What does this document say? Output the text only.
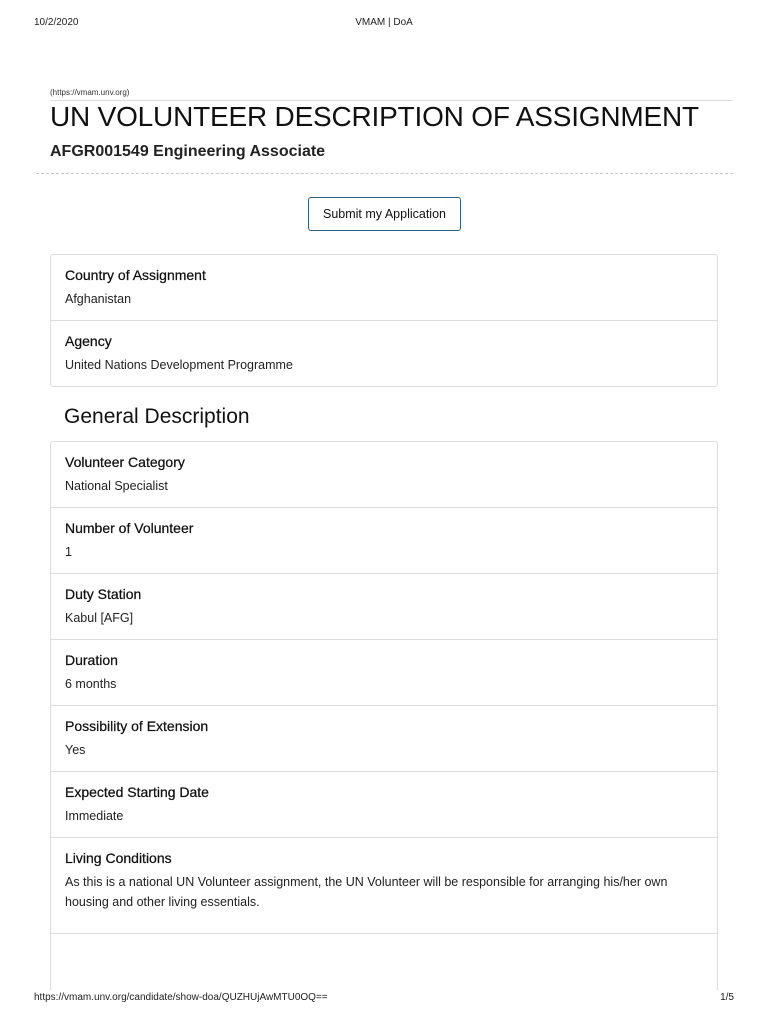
10/2/2020	VMAM | DoA
(https://vmam.unv.org)
UN VOLUNTEER DESCRIPTION OF ASSIGNMENT
AFGR001549 Engineering Associate
Submit my Application

Country of Assignment

Afghanistan

Agency

United Nations Development Programme

General Description

Volunteer Category

National Specialist

Number of Volunteer

1

Duty Station

Kabul [AFG]

Duration

6 months

Possibility of Extension

Yes

Expected Starting Date

Immediate

Living Conditions

As this is a national UN Volunteer assignment, the UN Volunteer will be responsible for arranging his/her own housing and other living essentials.

https://vmam.unv.org/candidate/show-doa/QUZHUjAwMTU0OQ==	1/5
